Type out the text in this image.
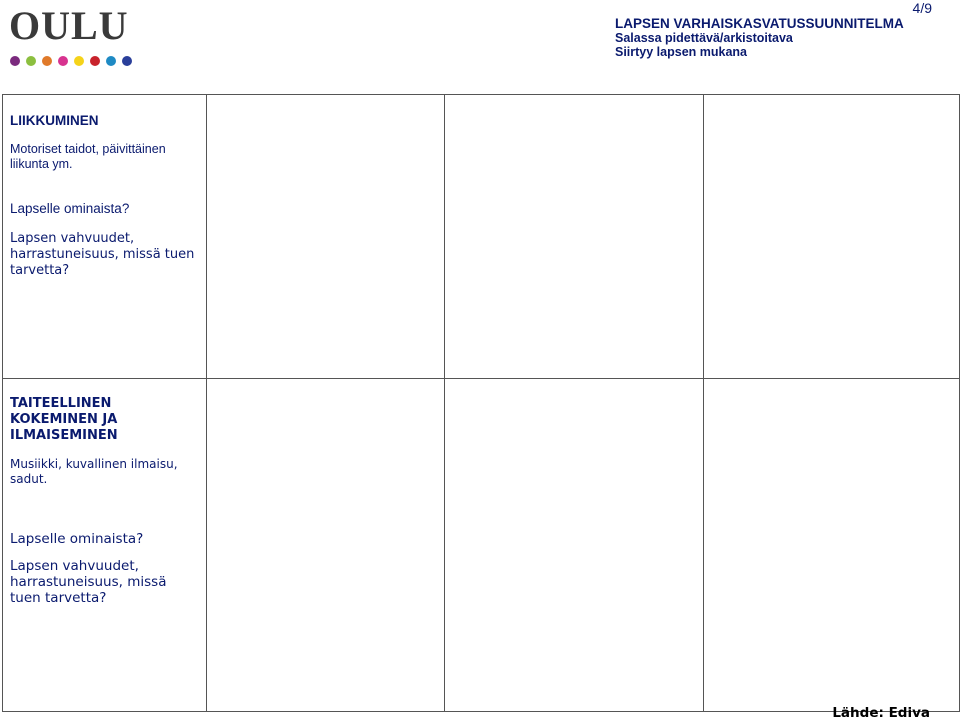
OULU	4/9
LAPSEN VARHAISKASVATUSSUUNNITELMA
Salassa pidettävä/arkistoitava
Siirtyy lapsen mukana
LIIKKUMINEN
Motoriset taidot, päivittäinen liikunta ym.
Lapselle ominaista?
Lapsen vahvuudet, harrastuneisuus, missä tuen tarvetta?			

TAITEELLINEN KOKEMINEN JA ILMAISEMINEN
Musiikki, kuvallinen ilmaisu, sadut.
Lapselle ominaista?
Lapsen vahvuudet, harrastuneisuus, missä tuen tarvetta?			

Lähde: Ediva
